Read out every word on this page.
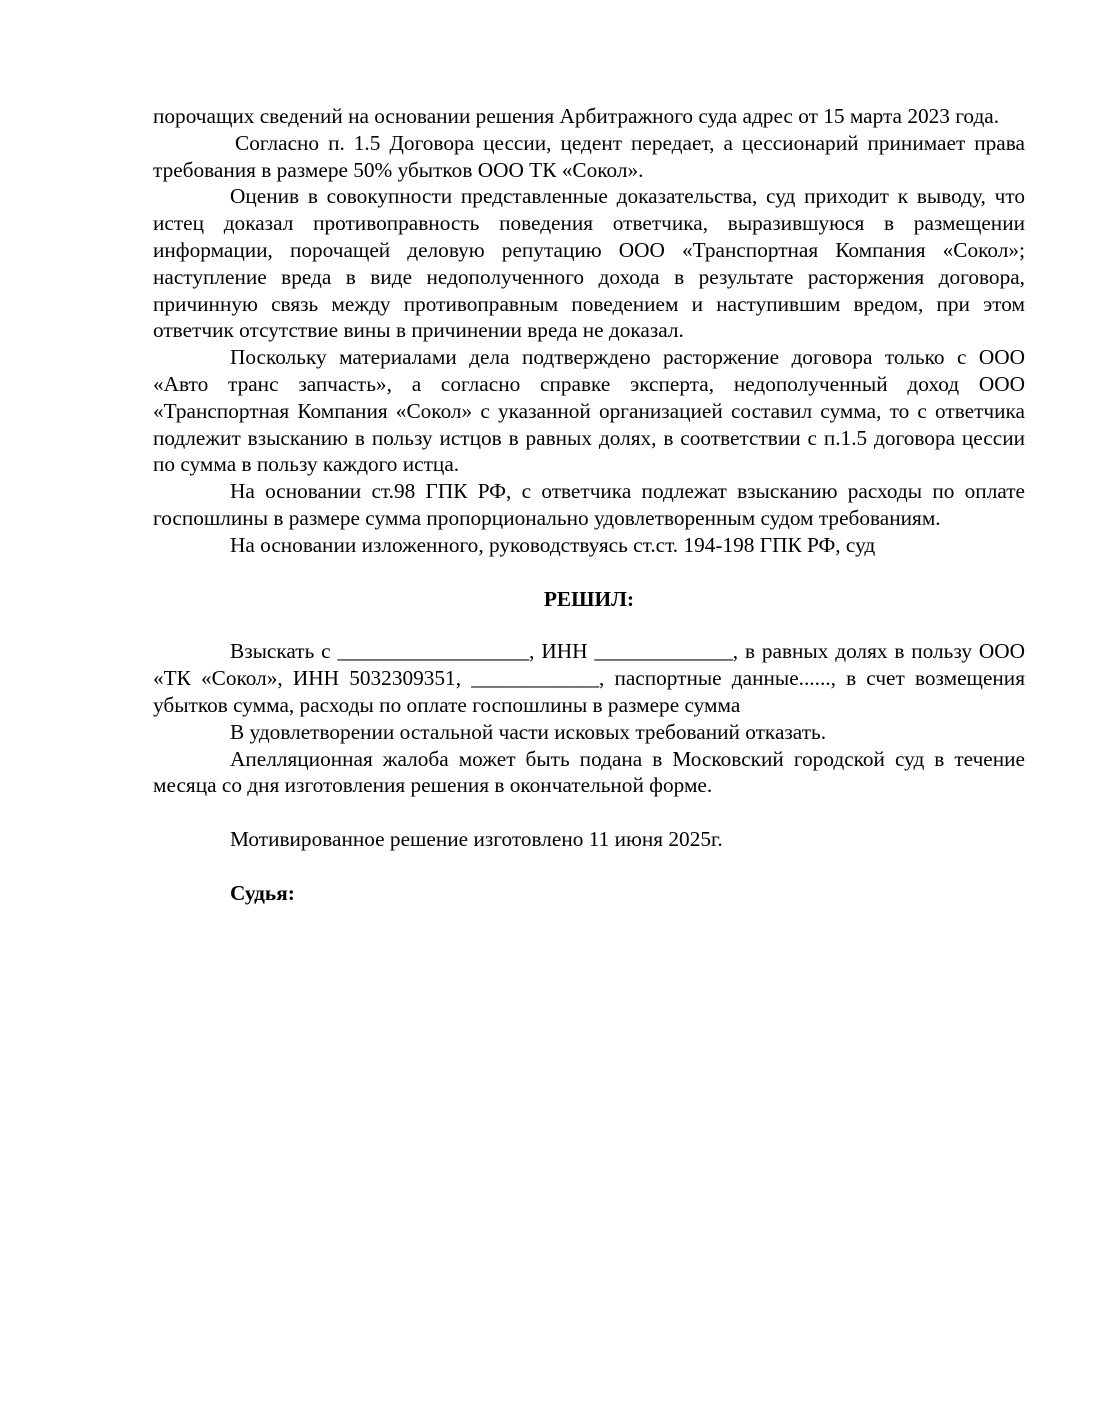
порочащих сведений на основании решения Арбитражного суда адрес от 15 марта 2023 года.

Согласно п. 1.5 Договора цессии, цедент передает, а цессионарий принимает права требования в размере 50% убытков ООО ТК «Сокол».

Оценив в совокупности представленные доказательства, суд приходит к выводу, что истец доказал противоправность поведения ответчика, выразившуюся в размещении информации, порочащей деловую репутацию ООО «Транспортная Компания «Сокол»; наступление вреда в виде недополученного дохода в результате расторжения договора, причинную связь между противоправным поведением и наступившим вредом, при этом ответчик отсутствие вины в причинении вреда не доказал.

Поскольку материалами дела подтверждено расторжение договора только с ООО «Авто транс запчасть», а согласно справке эксперта, недополученный доход ООО «Транспортная Компания «Сокол» с указанной организацией составил сумма, то с ответчика подлежит взысканию в пользу истцов в равных долях, в соответствии с п.1.5 договора цессии по сумма в пользу каждого истца.

На основании ст.98 ГПК РФ, с ответчика подлежат взысканию расходы по оплате госпошлины в размере сумма пропорционально удовлетворенным судом требованиям.

На основании изложенного, руководствуясь ст.ст. 194-198 ГПК РФ, суд

РЕШИЛ:

Взыскать с __________________, ИНН _____________, в равных долях в пользу ООО «ТК «Сокол», ИНН 5032309351, ____________, паспортные данные......, в счет возмещения убытков сумма, расходы по оплате госпошлины в размере сумма

В удовлетворении остальной части исковых требований отказать.

Апелляционная жалоба может быть подана в Московский городской суд в течение месяца со дня изготовления решения в окончательной форме.

Мотивированное решение изготовлено 11 июня 2025г.

Судья:
